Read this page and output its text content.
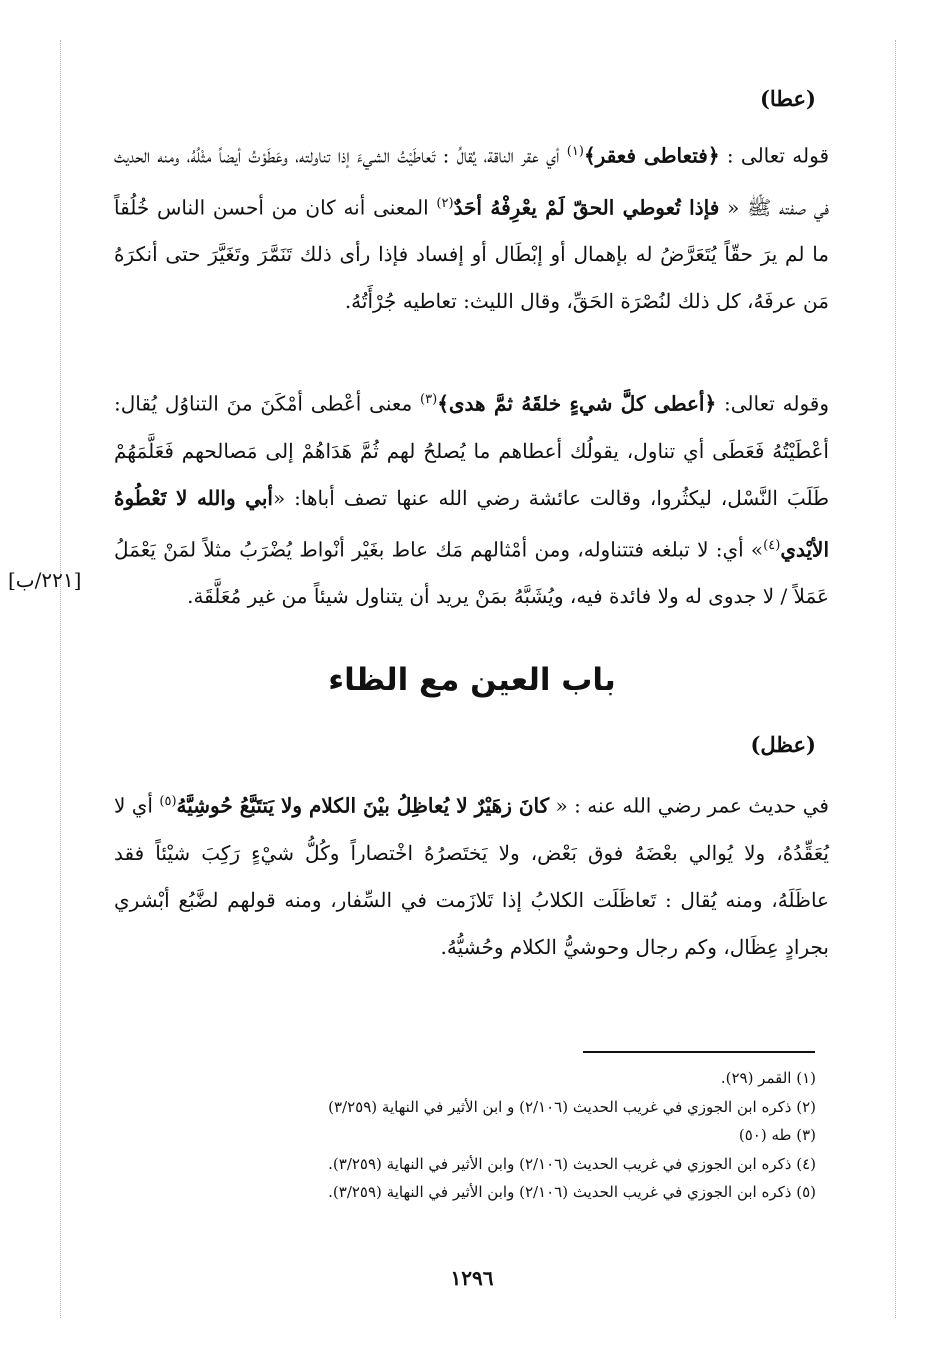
(عطا)
قوله تعالى : ﴿فتعاطى فعقر﴾$^{(١)}$ أي عقر الناقة، يُقالُ : تَعاطَيْتُ الشيءَ إذا تناولته، وعَطَوْتُ أيضاً مثْلُهُ، ومنه الحديث في صفته ﷺ « فإذا تُعوطي الحقّ لَمْ يعْرِفْهُ أحَدٌ$^{(٢)}$ المعنى أنه كان من أحسن الناس خُلُقاً ما لم يرَ حقّاً يُتَعَرَّضُ له بإهمال أو إبْطَال أو إفساد فإذا رأى ذلك تَنَمَّرَ وتَغَيَّرَ حتى أنكرَهُ مَن عرفَهُ، كل ذلك لنُصْرَة الحَقِّ، وقال الليث: تعاطيه جُرْأَتُهُ.
وقوله تعالى: ﴿أعطى كلَّ شيءٍ خلقَهُ ثمَّ هدى﴾$^{(٣)}$ معنى أعْطى أمْكَنَ منَ التناوُل يُقال: أعْطَيْتُهُ فَعَطَى أي تناول، يقولُك أعطاهم ما يُصلحُ لهم ثُمَّ هَدَاهُمْ إلى مَصالحهم فَعَلَّمَهُمْ طَلَبَ النَّسْل، ليكثُروا، وقالت عائشة رضي الله عنها تصف أباها: «أبي والله لا تَعْطُوهُ الأيْدي$^{(٤)}$» أي: لا تبلغه فتتناوله، ومن أمْثالهم مَك عاط بغَيْر أنْواط يُضْرَبُ مثلاً لمَنْ يَعْمَلُ عَمَلاً / لا جدوى له ولا فائدة فيه، ويُشَبَّهُ بمَنْ يريد أن يتناول شيئاً من غير مُعَلَّقَة.
[٢٢١/ب]
باب العين مع الظاء
(عظل)
في حديث عمر رضي الله عنه : « كانَ زهَيْرٌ لا يُعاظِلُ بيْنَ الكلام ولا يَتتَبَّعُ حُوشِيَّهُ$^{(٥)}$ أي لا يُعَقِّدُهُ، ولا يُوالي بعْضَهُ فوق بَعْض، ولا يَختَصرُهُ اخْتصاراً وكُلُّ شيْءٍ رَكِبَ شيْئاً فقد عاظَلَهُ، ومنه يُقال : تَعاظَلَت الكلابُ إذا تَلازَمت في السِّفار، ومنه قولهم لضَّبُع أبْشري بجرادٍ عِظَال، وكم رجال وحوشيُّ الكلام وحُشيُّهُ.
(١) القمر (٢٩).
(٢) ذكره ابن الجوزي في غريب الحديث (٢/١٠٦) و ابن الأثير في النهاية (٣/٢٥٩)
(٣) طه (٥٠)
(٤) ذكره ابن الجوزي في غريب الحديث (٢/١٠٦) وابن الأثير في النهاية (٣/٢٥٩).
(٥) ذكره ابن الجوزي في غريب الحديث (٢/١٠٦) وابن الأثير في النهاية (٣/٢٥٩).
١٢٩٦
